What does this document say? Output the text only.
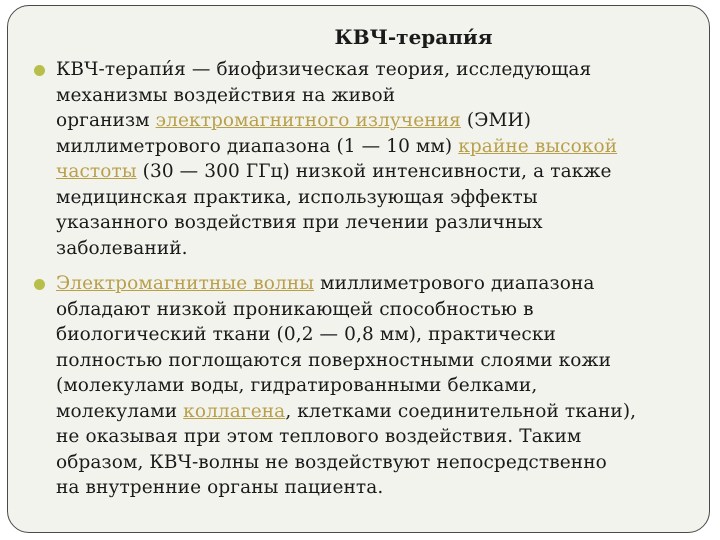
КВЧ-терапи́я
КВЧ-терапи́я — биофизическая теория, исследующая
механизмы воздействия на живой
организм электромагнитного излучения (ЭМИ)
миллиметрового диапазона (1 — 10 мм) крайне высокой
частоты (30 — 300 ГГц) низкой интенсивности, а также
медицинская практика, использующая эффекты
указанного воздействия при лечении различных
заболеваний.
Электромагнитные волны миллиметрового диапазона
обладают низкой проникающей способностью в
биологический ткани (0,2 — 0,8 мм), практически
полностью поглощаются поверхностными слоями кожи
(молекулами воды, гидратированными белками,
молекулами коллагена, клетками соединительной ткани),
не оказывая при этом теплового воздействия. Таким
образом, КВЧ-волны не воздействуют непосредственно
на внутренние органы пациента.
